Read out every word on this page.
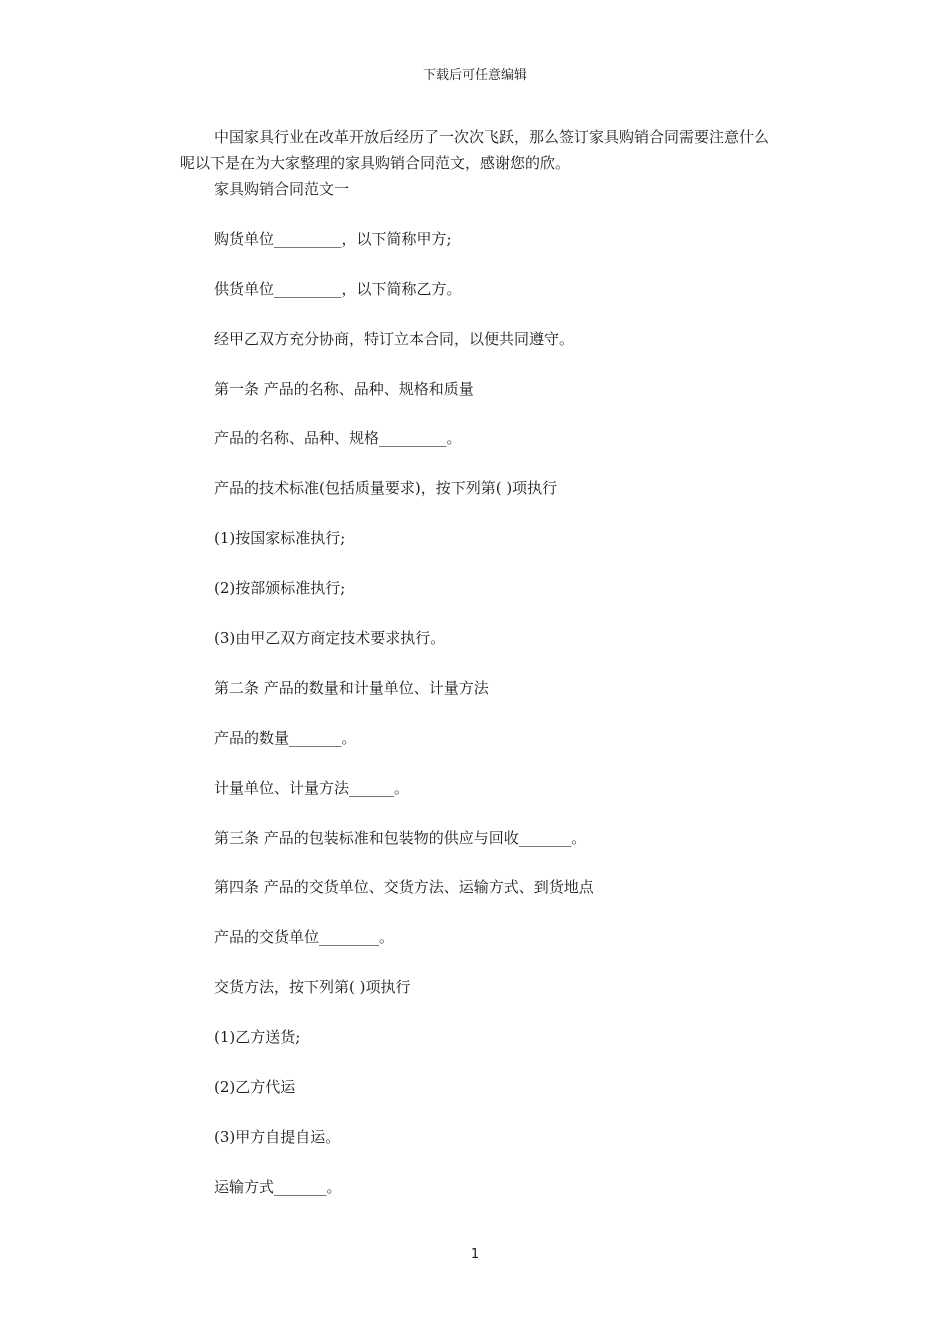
下载后可任意编辑

中国家具行业在改革开放后经历了一次次飞跃，那么签订家具购销合同需要注意什么呢以下是在为大家整理的家具购销合同范文，感谢您的欣。

家具购销合同范文一

购货单位_________，以下简称甲方;

供货单位_________，以下简称乙方。

经甲乙双方充分协商，特订立本合同，以便共同遵守。

第一条 产品的名称、品种、规格和质量

产品的名称、品种、规格_________。

产品的技术标准(包括质量要求)，按下列第( )项执行

(1)按国家标准执行;

(2)按部颁标准执行;

(3)由甲乙双方商定技术要求执行。

第二条 产品的数量和计量单位、计量方法

产品的数量_______。

计量单位、计量方法______。

第三条 产品的包装标准和包装物的供应与回收_______。

第四条 产品的交货单位、交货方法、运输方式、到货地点

产品的交货单位________。

交货方法，按下列第( )项执行

(1)乙方送货;

(2)乙方代运

(3)甲方自提自运。

运输方式_______。

1
